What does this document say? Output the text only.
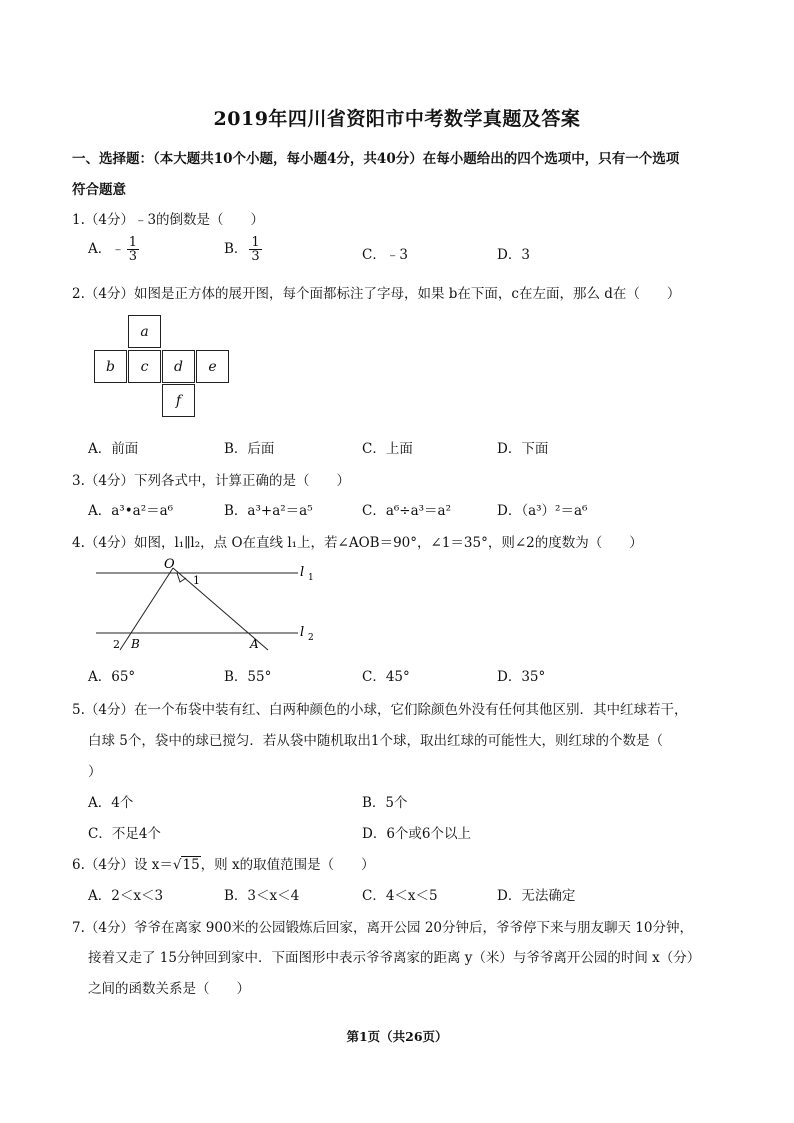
2019年四川省资阳市中考数学真题及答案
一、选择题：（本大题共10个小题，每小题4分，共40分）在每小题给出的四个选项中，只有一个选项
符合题意
1.（4分）﹣3的倒数是（　　）
A．﹣ $\frac{1}{3}$	B． $\frac{1}{3}$	C．﹣3	D．3
2.（4分）如图是正方体的展开图，每个面都标注了字母，如果 b在下面，c在左面，那么 d在（　　）
a
b	c	d	e
f
A．前面	B．后面	C．上面	D．下面
3.（4分）下列各式中，计算正确的是（　　）
A．a³•a²＝a⁶	B．a³+a²＝a⁵	C．a⁶÷a³＝a²	D．（a³）²＝a⁶
4.（4分）如图，l₁∥l₂，点 O在直线 l₁上，若∠AOB＝90°，∠1＝35°，则∠2的度数为（　　）
O
1
l 1
l 2
2 B	A
A．65°	B．55°	C．45°	D．35°
5.（4分）在一个布袋中装有红、白两种颜色的小球，它们除颜色外没有任何其他区别．其中红球若干，
白球 5个，袋中的球已搅匀．若从袋中随机取出1个球，取出红球的可能性大，则红球的个数是（
）
A．4个	B．5个
C．不足4个	D．6个或6个以上
6.（4分）设 x＝√15，则 x的取值范围是（　　）
A．2＜x＜3	B．3＜x＜4	C．4＜x＜5	D．无法确定
7.（4分）爷爷在离家 900米的公园锻炼后回家，离开公园 20分钟后，爷爷停下来与朋友聊天 10分钟，
接着又走了 15分钟回到家中．下面图形中表示爷爷离家的距离 y（米）与爷爷离开公园的时间 x（分）
之间的函数关系是（　　）
第1页（共26页）
